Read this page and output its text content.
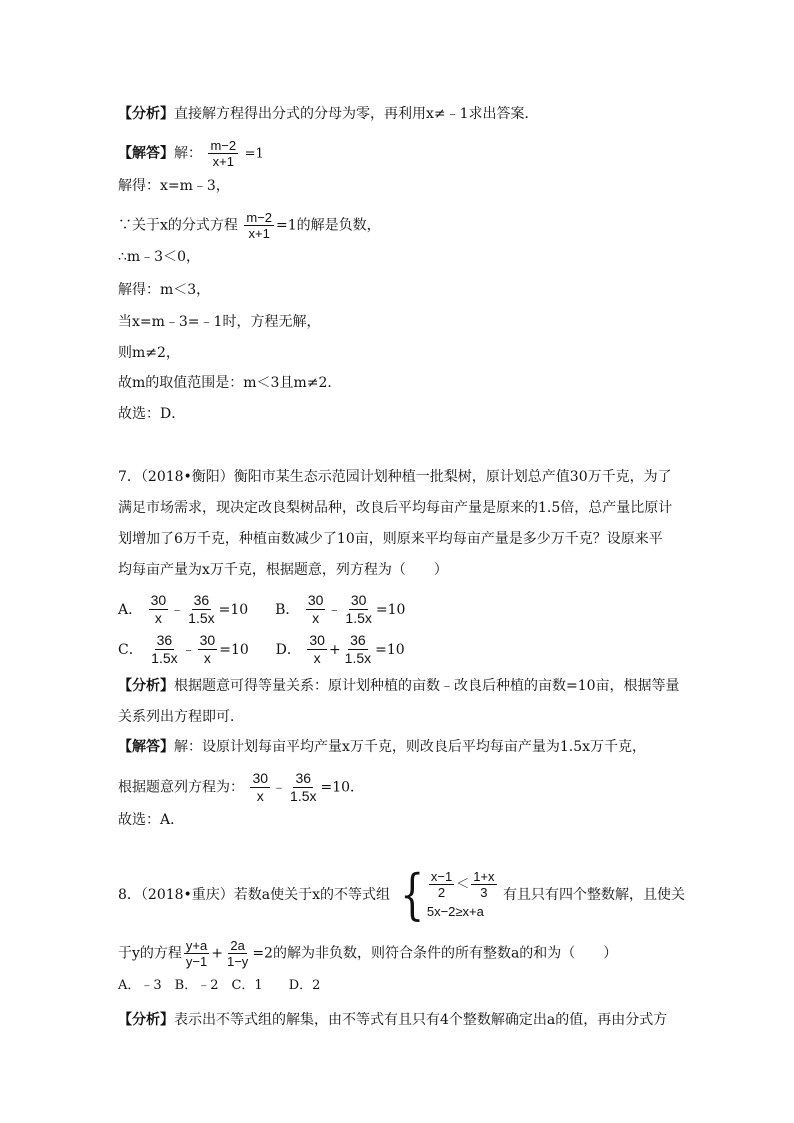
【分析】直接解方程得出分式的分母为零，再利用x≠﹣1求出答案．
【解答】解： $\frac{m-2}{x+1} =1$
解得：x=m﹣3，
∵关于x的分式方程 $\frac{m-2}{x+1} =1$的解是负数，
∴m﹣3＜0，
解得：m＜3，
当x=m﹣3=﹣1时，方程无解，
则m≠2，
故m的取值范围是：m＜3且m≠2．
故选：D．
7．（2018•衡阳）衡阳市某生态示范园计划种植一批梨树，原计划总产值30万千克，为了
满足市场需求，现决定改良梨树品种，改良后平均每亩产量是原来的1.5倍，总产量比原计
划增加了6万千克，种植亩数减少了10亩，则原来平均每亩产量是多少万千克？设原来平
均每亩产量为x万千克，根据题意，列方程为（　　）
A． $\frac{30}{x}$ ﹣ $\frac{36}{1.5x} =10$ B． $\frac{30}{x}$ ﹣ $\frac{30}{1.5x} =10$
C． $\frac{36}{1.5x}$ ﹣ $\frac{30}{x} =10$ D． $\frac{30}{x} + \frac{36}{1.5x} =10$
【分析】根据题意可得等量关系：原计划种植的亩数﹣改良后种植的亩数=10亩，根据等量
关系列出方程即可．
【解答】解：设原计划每亩平均产量x万千克，则改良后平均每亩产量为1.5x万千克，
根据题意列方程为： $\frac{30}{x}$ ﹣ $\frac{36}{1.5x} =10$．
故选：A．
8．（2018•重庆）若数a使关于x的不等式组 { $\frac{x-1}{2} < \frac{1+x}{3}$
5x−2≥x+a
有且只有四个整数解，且使关
于y的方程 $\frac{y+a}{y-1} + \frac{2a}{1-y} =2$的解为非负数，则符合条件的所有整数a的和为（　　）
A．﹣3　B．﹣2　C．1　　D．2
【分析】表示出不等式组的解集，由不等式有且只有4个整数解确定出a的值，再由分式方
